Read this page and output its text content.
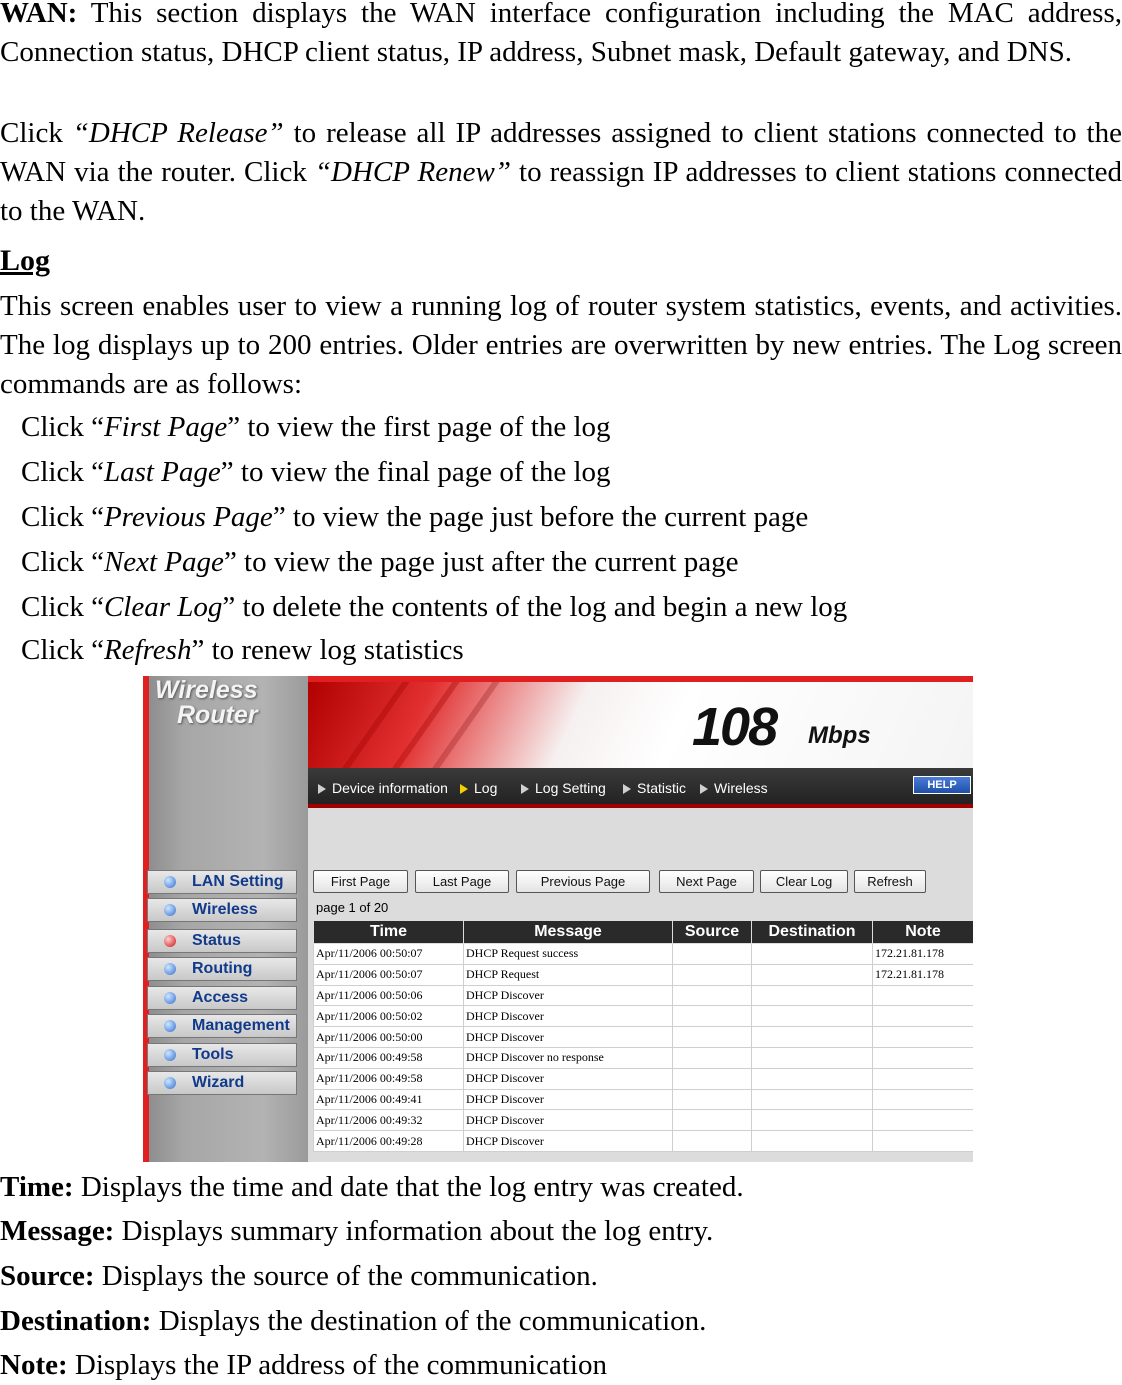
WAN: This section displays the WAN interface configuration including the MAC address, Connection status, DHCP client status, IP address, Subnet mask, Default gateway, and DNS.

Click “DHCP Release” to release all IP addresses assigned to client stations connected to the WAN via the router. Click “DHCP Renew” to reassign IP addresses to client stations connected to the WAN.

Log

This screen enables user to view a running log of router system statistics, events, and activities. The log displays up to 200 entries. Older entries are overwritten by new entries. The Log screen commands are as follows:

Click “First Page” to view the first page of the log
Click “Last Page” to view the final page of the log
Click “Previous Page” to view the page just before the current page
Click “Next Page” to view the page just after the current page
Click “Clear Log” to delete the contents of the log and begin a new log
Click “Refresh” to renew log statistics
Wireless
Router
LAN Setting
Wireless
Status
Routing
Access
Management
Tools
Wizard
108 Mbps
Wireless
Statistic
Log Setting
Log
Device information	HELP
page 1 of 20
Time	Message	Source	Destination	Note
Apr/11/2006 00:50:07	DHCP Request success			172.21.81.178
Apr/11/2006 00:50:07	DHCP Request			172.21.81.178
Apr/11/2006 00:50:06	DHCP Discover			
Apr/11/2006 00:50:02	DHCP Discover			
Apr/11/2006 00:50:00	DHCP Discover			
Apr/11/2006 00:49:58	DHCP Discover no response			
Apr/11/2006 00:49:58	DHCP Discover			
Apr/11/2006 00:49:41	DHCP Discover			
Apr/11/2006 00:49:32	DHCP Discover			
Apr/11/2006 00:49:28	DHCP Discover			
First Page	Last Page	Previous Page	Next Page	Clear Log	Refresh
Time: Displays the time and date that the log entry was created.
Message: Displays summary information about the log entry.
Source: Displays the source of the communication.
Destination: Displays the destination of the communication.
Note: Displays the IP address of the communication
